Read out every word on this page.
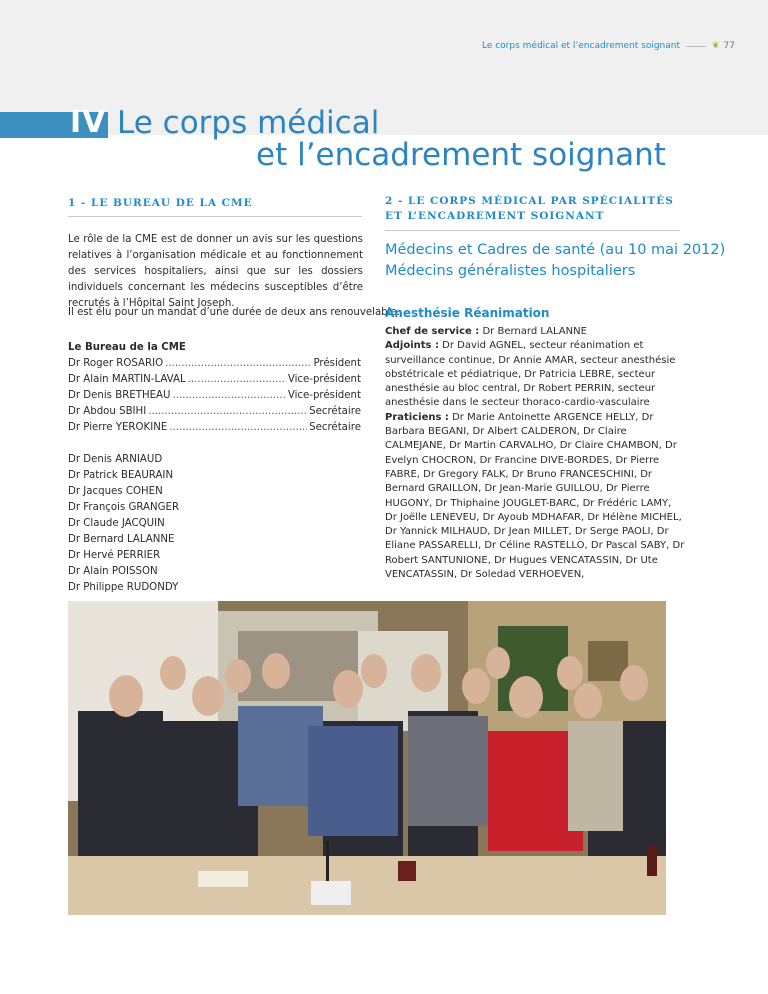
Le corps médical et l’encadrement soignant	❦ 77
IV Le corps médical
et l’encadrement soignant
1 - LE BUREAU DE LA CME
Le rôle de la CME est de donner un avis sur les questions relatives à l’organisation médicale et au fonctionnement des services hospitaliers, ainsi que sur les dossiers individuels concernant les médecins susceptibles d’être recrutés à l’Hôpital Saint Joseph.
Il est élu pour un mandat d’une durée de deux ans renouvelable.
Le Bureau de la CME
Dr Roger ROSARIO .....	Président
Dr Alain MARTIN-LAVAL .....	Vice-président
Dr Denis BRETHEAU .....	Vice-président
Dr Abdou SBIHI .....	Secrétaire
Dr Pierre YEROKINE .....	Secrétaire
Dr Denis ARNIAUD
Dr Patrick BEAURAIN
Dr Jacques COHEN
Dr François GRANGER
Dr Claude JACQUIN
Dr Bernard LALANNE
Dr Hervé PERRIER
Dr Alain POISSON
Dr Philippe RUDONDY
2 - LE CORPS MÉDICAL PAR SPÉCIALITÉS
ET L’ENCADREMENT SOIGNANT
Médecins et Cadres de santé (au 10 mai 2012)
Médecins généralistes hospitaliers
Anesthésie Réanimation
Chef de service : Dr Bernard LALANNE
Adjoints : Dr David AGNEL, secteur réanimation et surveillance continue, Dr Annie AMAR, secteur anesthésie obstétricale et pédiatrique, Dr Patricia LEBRE, secteur anesthésie au bloc central, Dr Robert PERRIN, secteur anesthésie dans le secteur thoraco-cardio-vasculaire
Praticiens : Dr Marie Antoinette ARGENCE HELLY, Dr Barbara BEGANI, Dr Albert CALDERON, Dr Claire CALMEJANE, Dr Martin CARVALHO, Dr Claire CHAMBON, Dr Evelyn CHOCRON, Dr Francine DIVE-BORDES, Dr Pierre FABRE, Dr Gregory FALK, Dr Bruno FRANCESCHINI, Dr Bernard GRAILLON, Dr Jean-Marie GUILLOU, Dr Pierre HUGONY, Dr Thiphaine JOUGLET-BARC, Dr Frédéric LAMY, Dr Joëlle LENEVEU, Dr Ayoub MDHAFAR, Dr Hélène MICHEL, Dr Yannick MILHAUD, Dr Jean MILLET, Dr Serge PAOLI, Dr Eliane PASSARELLI, Dr Céline RASTELLO, Dr Pascal SABY, Dr Robert SANTUNIONE, Dr Hugues VENCATASSIN, Dr Ute VENCATASSIN, Dr Soledad VERHOEVEN,
